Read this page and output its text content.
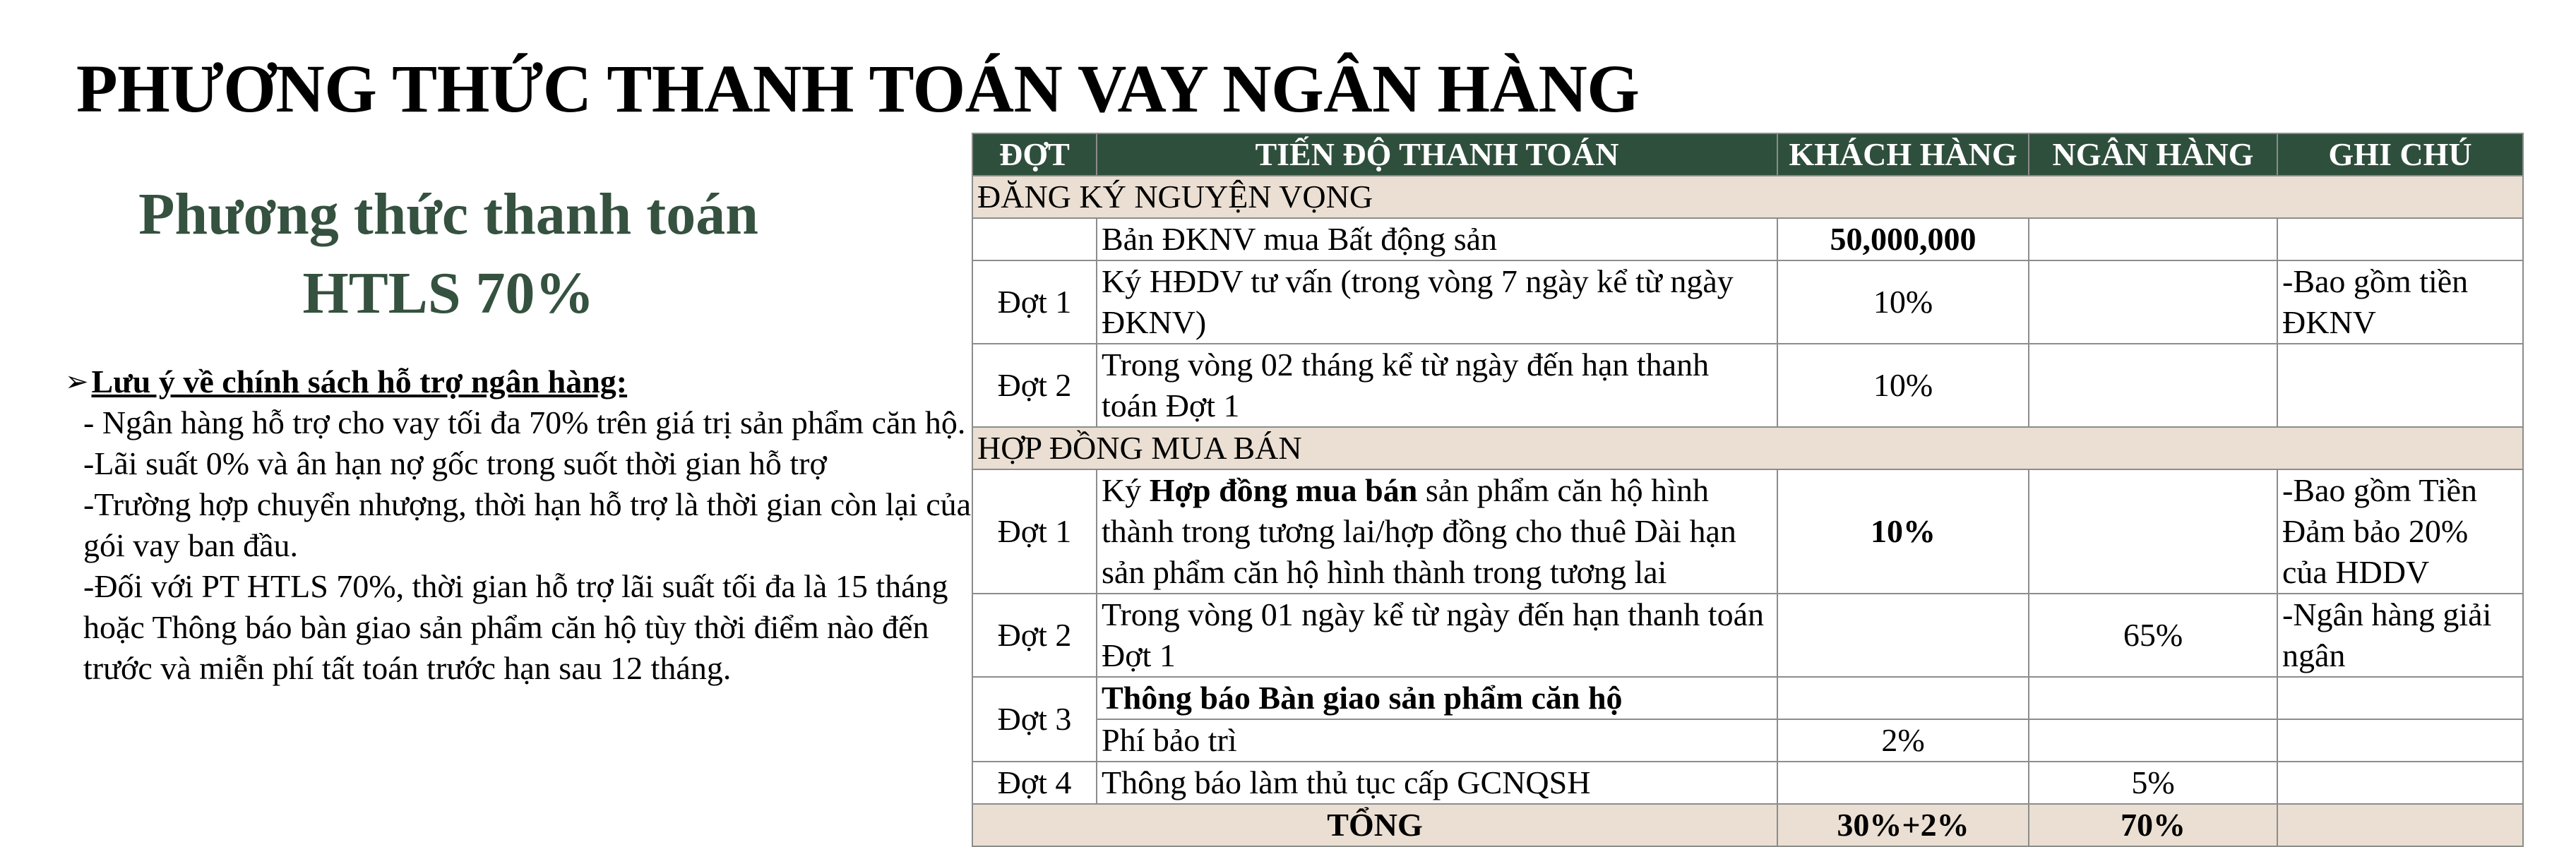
PHƯƠNG THỨC THANH TOÁN VAY NGÂN HÀNG
Phương thức thanh toán
HTLS 70%
➢ Lưu ý về chính sách hỗ trợ ngân hàng:
- Ngân hàng hỗ trợ cho vay tối đa 70% trên giá trị sản phẩm căn hộ.
-Lãi suất 0% và ân hạn nợ gốc trong suốt thời gian hỗ trợ
-Trường hợp chuyển nhượng, thời hạn hỗ trợ là thời gian còn lại của gói vay ban đầu.
-Đối với PT HTLS 70%, thời gian hỗ trợ lãi suất tối đa là 15 tháng hoặc Thông báo bàn giao sản phẩm căn hộ tùy thời điểm nào đến trước và miễn phí tất toán trước hạn sau 12 tháng.
ĐỢT	TIẾN ĐỘ THANH TOÁN	KHÁCH HÀNG	NGÂN HÀNG	GHI CHÚ
ĐĂNG KÝ NGUYỆN VỌNG				
	Bản ĐKNV mua Bất động sản	50,000,000		
Đợt 1	Ký HĐDV tư vấn (trong vòng 7 ngày kể từ ngày ĐKNV)	10%		-Bao gồm tiền ĐKNV
Đợt 2	Trong vòng 02 tháng kể từ ngày đến hạn thanh toán Đợt 1	10%		
HỢP ĐỒNG MUA BÁN				
Đợt 1	Ký Hợp đồng mua bán sản phẩm căn hộ hình thành trong tương lai/hợp đồng cho thuê Dài hạn sản phẩm căn hộ hình thành trong tương lai	10%		-Bao gồm Tiền Đảm bảo 20% của HDDV
Đợt 2	Trong vòng 01 ngày kể từ ngày đến hạn thanh toán Đợt 1		65%	-Ngân hàng giải ngân
Đợt 3	Thông báo Bàn giao sản phẩm căn hộ			
	Phí bảo trì	2%		
Đợt 4	Thông báo làm thủ tục cấp GCNQSH		5%	
TỔNG		30%+2%	70%	
